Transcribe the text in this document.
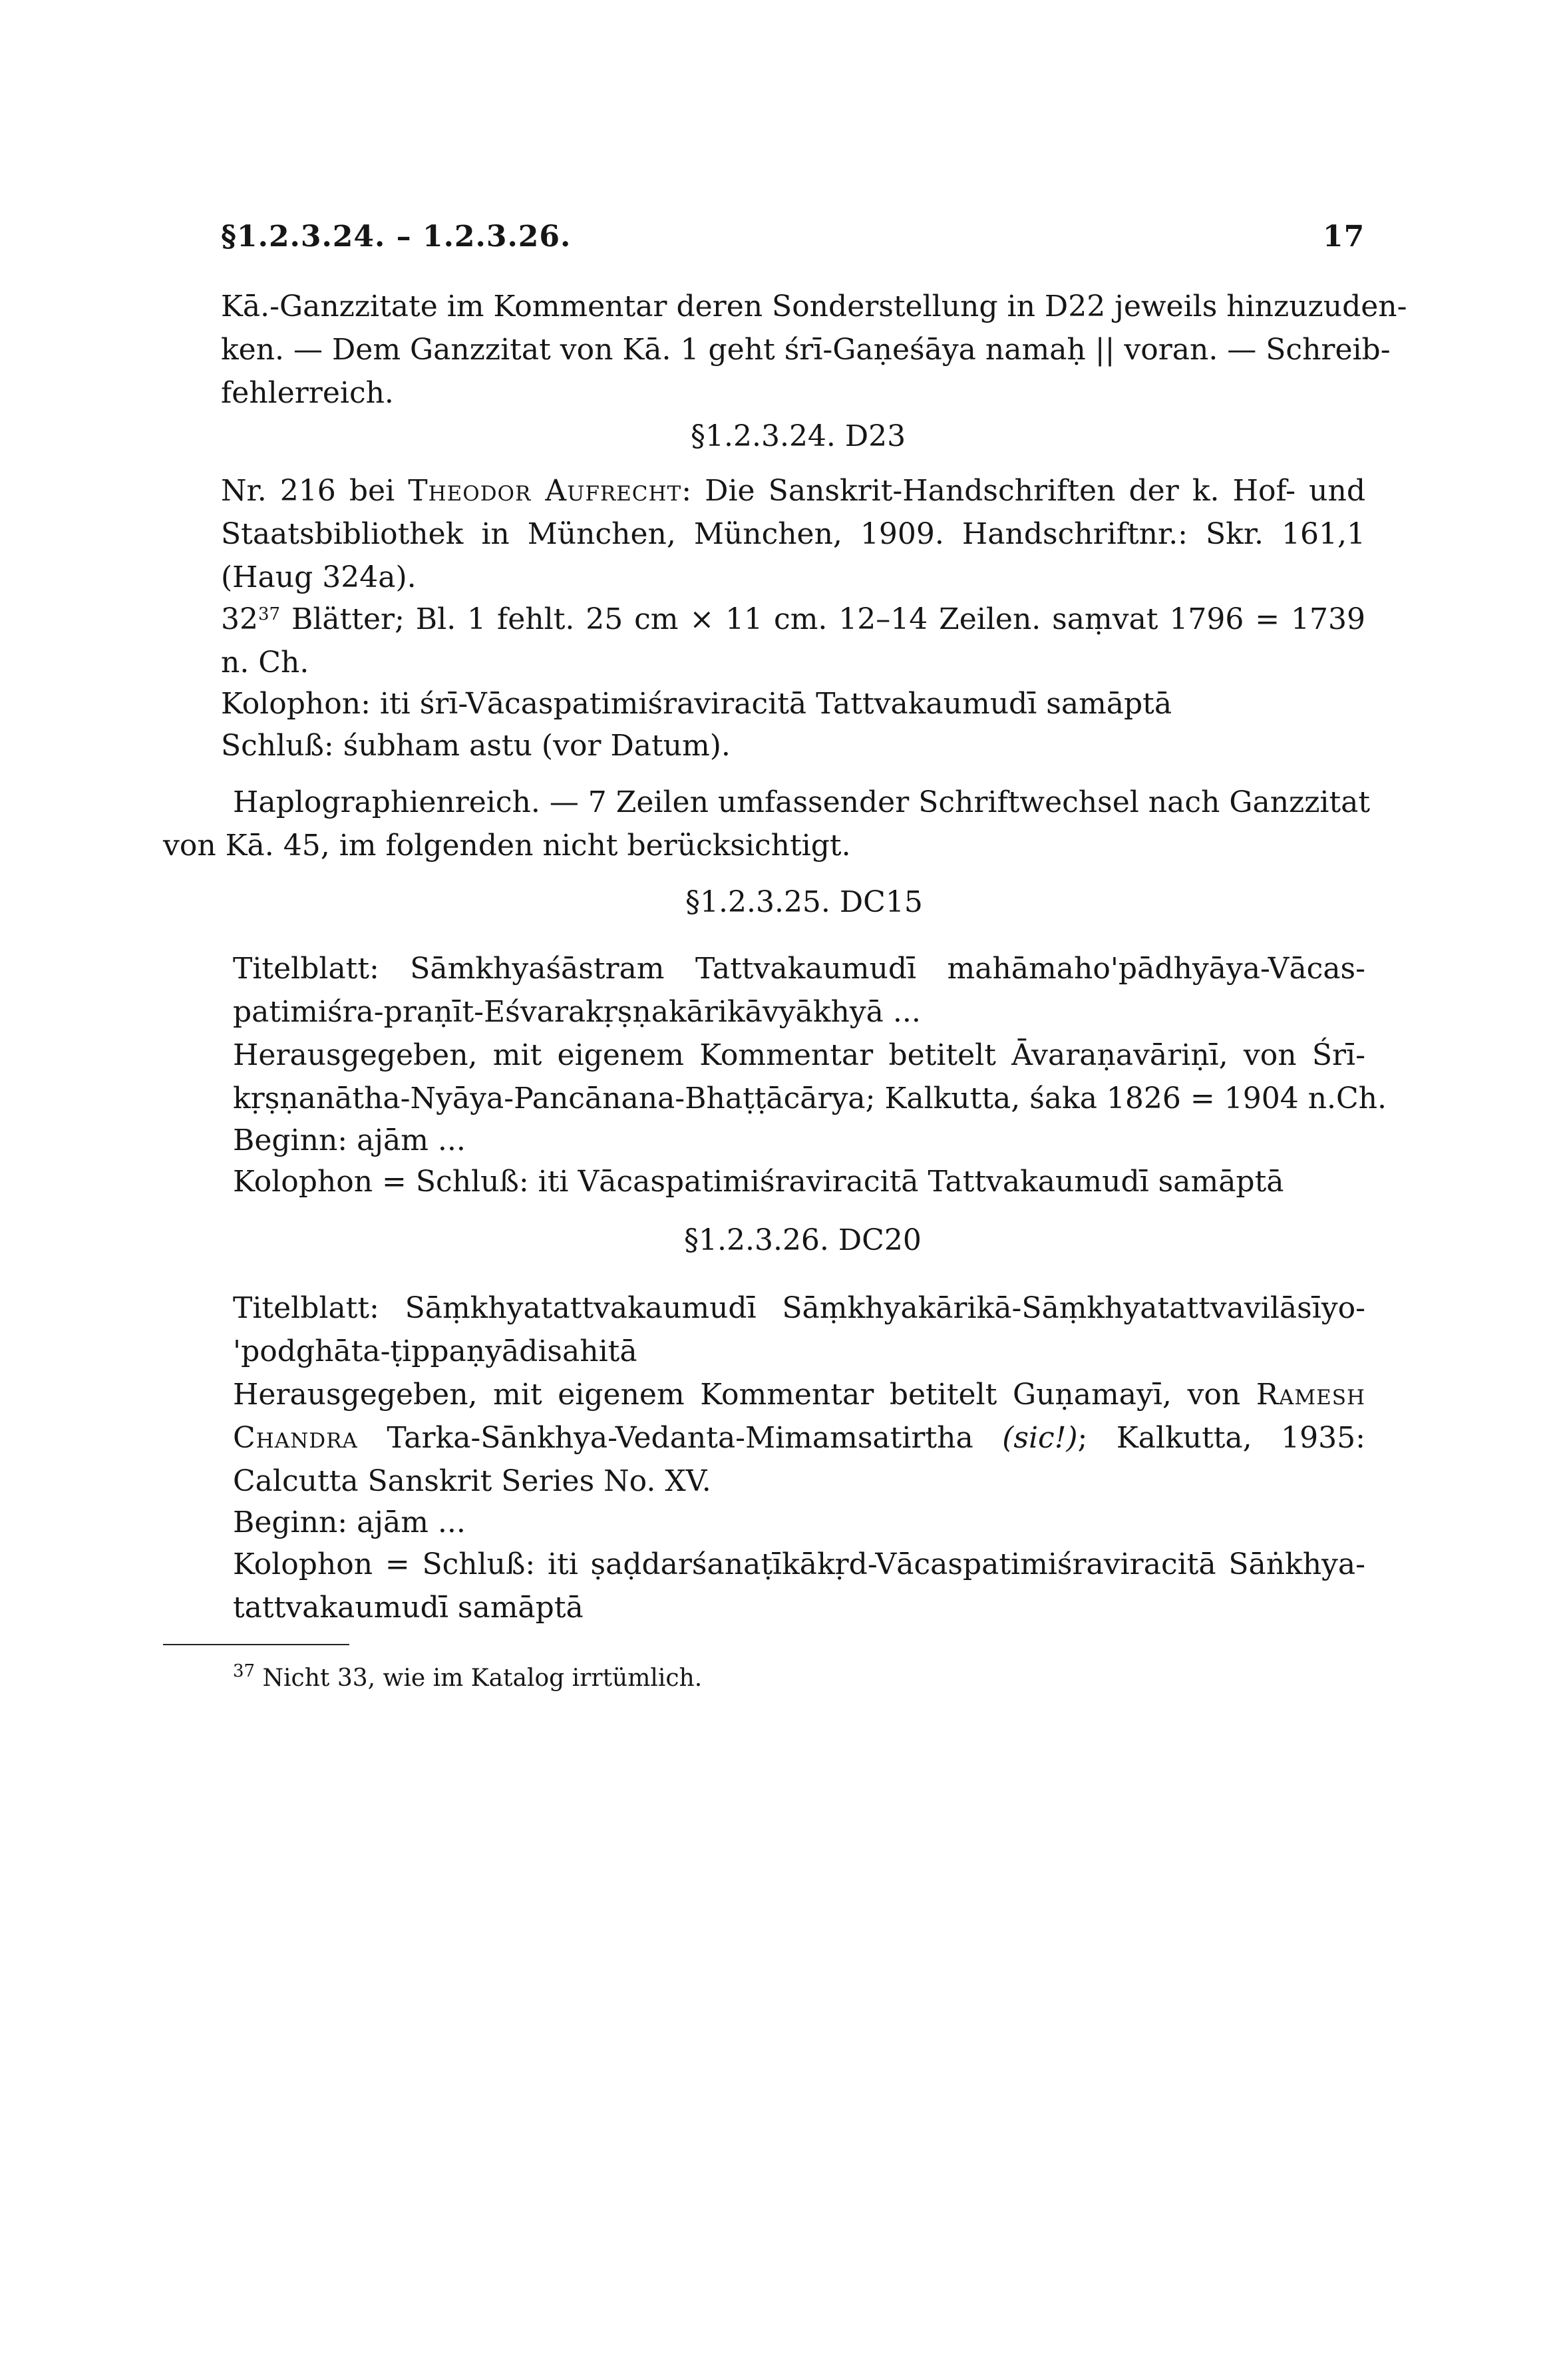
§1.2.3.24. – 1.2.3.26.	17
Kā.-Ganzzitate im Kommentar deren Sonderstellung in D22 jeweils hinzuzuden-
ken. — Dem Ganzzitat von Kā. 1 geht śrī-Gaṇeśāya namaḥ || voran. — Schreib-
fehlerreich.
§1.2.3.24. D23
Nr. 216 bei Theodor Aufrecht: Die Sanskrit-Handschriften der k. Hof- und
Staatsbibliothek in München, München, 1909. Handschriftnr.: Skr. 161,1
(Haug 324a).
$32^{37}$ Blätter; Bl. 1 fehlt. 25 cm × 11 cm. 12–14 Zeilen. saṃvat 1796 = 1739
n. Ch.
Kolophon: iti śrī-Vācaspatimiśraviracitā Tattvakaumudī samāptā
Schluß: śubham astu (vor Datum).
Haplographienreich. — 7 Zeilen umfassender Schriftwechsel nach Ganzzitat
von Kā. 45, im folgenden nicht berücksichtigt.
§1.2.3.25. DC15
Titelblatt: Sāmkhyaśāstram Tattvakaumudī mahāmaho'pādhyāya-Vācas-
patimiśra-praṇīt-Eśvarakṛṣṇakārikāvyākhyā ...
Herausgegeben, mit eigenem Kommentar betitelt Āvaraṇavāriṇī, von Śrī-
kṛṣṇanātha-Nyāya-Pancānana-Bhaṭṭācārya; Kalkutta, śaka 1826 = 1904 n.Ch.
Beginn: ajām ...
Kolophon = Schluß: iti Vācaspatimiśraviracitā Tattvakaumudī samāptā
§1.2.3.26. DC20
Titelblatt: Sāṃkhyatattvakaumudī Sāṃkhyakārikā-Sāṃkhyatattvavilāsīyo-
'podghāta-ṭippaṇyādisahitā
Herausgegeben, mit eigenem Kommentar betitelt Guṇamayī, von Ramesh
Chandra Tarka-Sānkhya-Vedanta-Mimamsatirtha (sic!); Kalkutta, 1935:
Calcutta Sanskrit Series No. XV.
Beginn: ajām ...
Kolophon = Schluß: iti ṣaḍdarśanaṭīkākṛd-Vācaspatimiśraviracitā Sāṅkhya-
tattvakaumudī samāptā
$^{37}$ Nicht 33, wie im Katalog irrtümlich.
